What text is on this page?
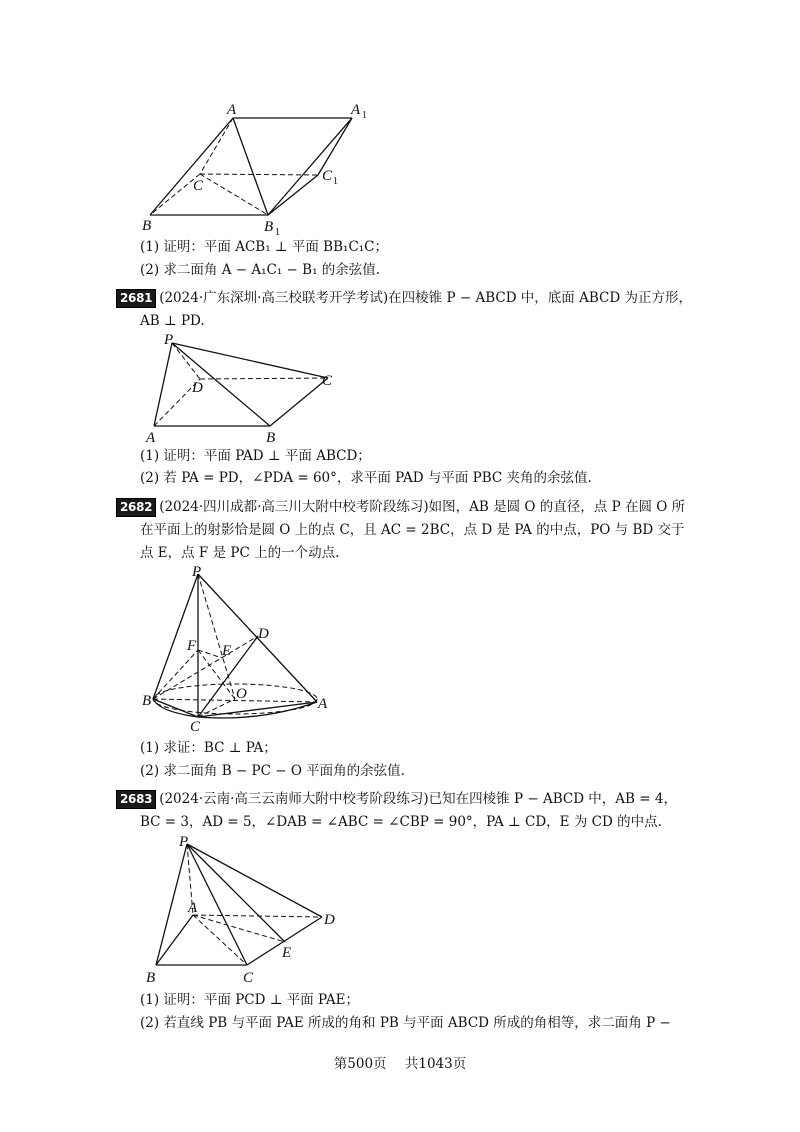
A	A 1
C
C 1
B	B 1
(1) 证明：平面 ACB₁ ⊥ 平面 BB₁C₁C；
(2) 求二面角 A − A₁C₁ − B₁ 的余弦值.
2681 (2024·广东深圳·高三校联考开学考试)在四棱锥 P − ABCD 中，底面 ABCD 为正方形，
AB ⊥ PD.
P
D	C
A	B
(1) 证明：平面 PAD ⊥ 平面 ABCD；
(2) 若 PA = PD，∠PDA = 60°，求平面 PAD 与平面 PBC 夹角的余弦值.
2682 (2024·四川成都·高三川大附中校考阶段练习)如图，AB 是圆 O 的直径，点 P 在圆 O 所
在平面上的射影恰是圆 O 上的点 C，且 AC = 2BC，点 D 是 PA 的中点，PO 与 BD 交于
点 E，点 F 是 PC 上的一个动点.
P
D
F E
O
B	A
C
(1) 求证：BC ⊥ PA；
(2) 求二面角 B − PC − O 平面角的余弦值.
2683 (2024·云南·高三云南师大附中校考阶段练习)已知在四棱锥 P − ABCD 中，AB = 4，
BC = 3，AD = 5，∠DAB = ∠ABC = ∠CBP = 90°，PA ⊥ CD，E 为 CD 的中点.
P
A
D
E
B	C
(1) 证明：平面 PCD ⊥ 平面 PAE；
(2) 若直线 PB 与平面 PAE 所成的角和 PB 与平面 ABCD 所成的角相等，求二面角 P −
第500页 共1043页
